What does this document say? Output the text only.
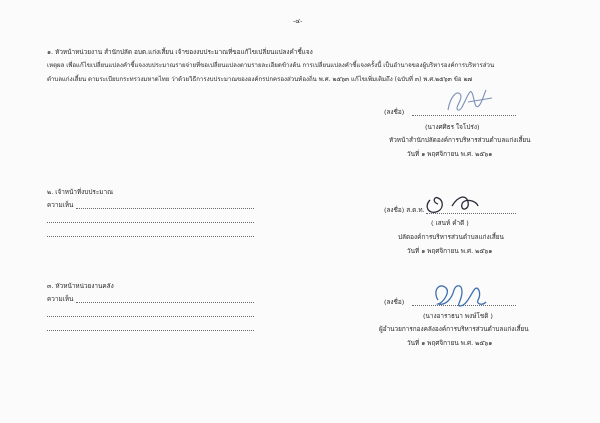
-๔-
๑. หัวหน้าหน่วยงาน สำนักปลัด อบต.แก่งเสี้ยน เจ้าของงบประมาณที่ขอแก้ไขเปลี่ยนแปลงคำชี้แจง
เหตุผล เพื่อแก้ไขเปลี่ยนแปลงคำชี้แจงงบประมาณรายจ่ายที่ขอเปลี่ยนแปลงตามรายละเอียดข้างต้น การเปลี่ยนแปลงคำชี้แจงครั้งนี้ เป็นอำนาจของผู้บริหารองค์การบริหารส่วน
ตำบลแก่งเสี้ยน ตามระเบียบกระทรวงมหาดไทย ว่าด้วยวิธีการงบประมาณขององค์กรปกครองส่วนท้องถิ่น พ.ศ. ๒๕๖๓ แก้ไขเพิ่มเติมถึง (ฉบับที่ ๓) พ.ศ.๒๕๖๓ ข้อ ๒๗
(ลงชื่อ)
(นางศศิธร ใจโปร่ง)
หัวหน้าสำนักปลัดองค์การบริหารส่วนตำบลแก่งเสี้ยน
วันที่ ๑ พฤศจิกายน พ.ศ. ๒๕๖๑
๒. เจ้าหน้าที่งบประมาณ
ความเห็น
(ลงชื่อ) ส.ต.ท.
( เสนห์ คำดี )
ปลัดองค์การบริหารส่วนตำบลแก่งเสี้ยน
วันที่ ๑ พฤศจิกายน พ.ศ. ๒๕๖๑
๓. หัวหน้าหน่วยงานคลัง
ความเห็น	(ลงชื่อ)
(นางอาราธนา พงษ์โชติ )
ผู้อำนวยการกองคลังองค์การบริหารส่วนตำบลแก่งเสี้ยน
วันที่ ๑ พฤศจิกายน พ.ศ. ๒๕๖๑
